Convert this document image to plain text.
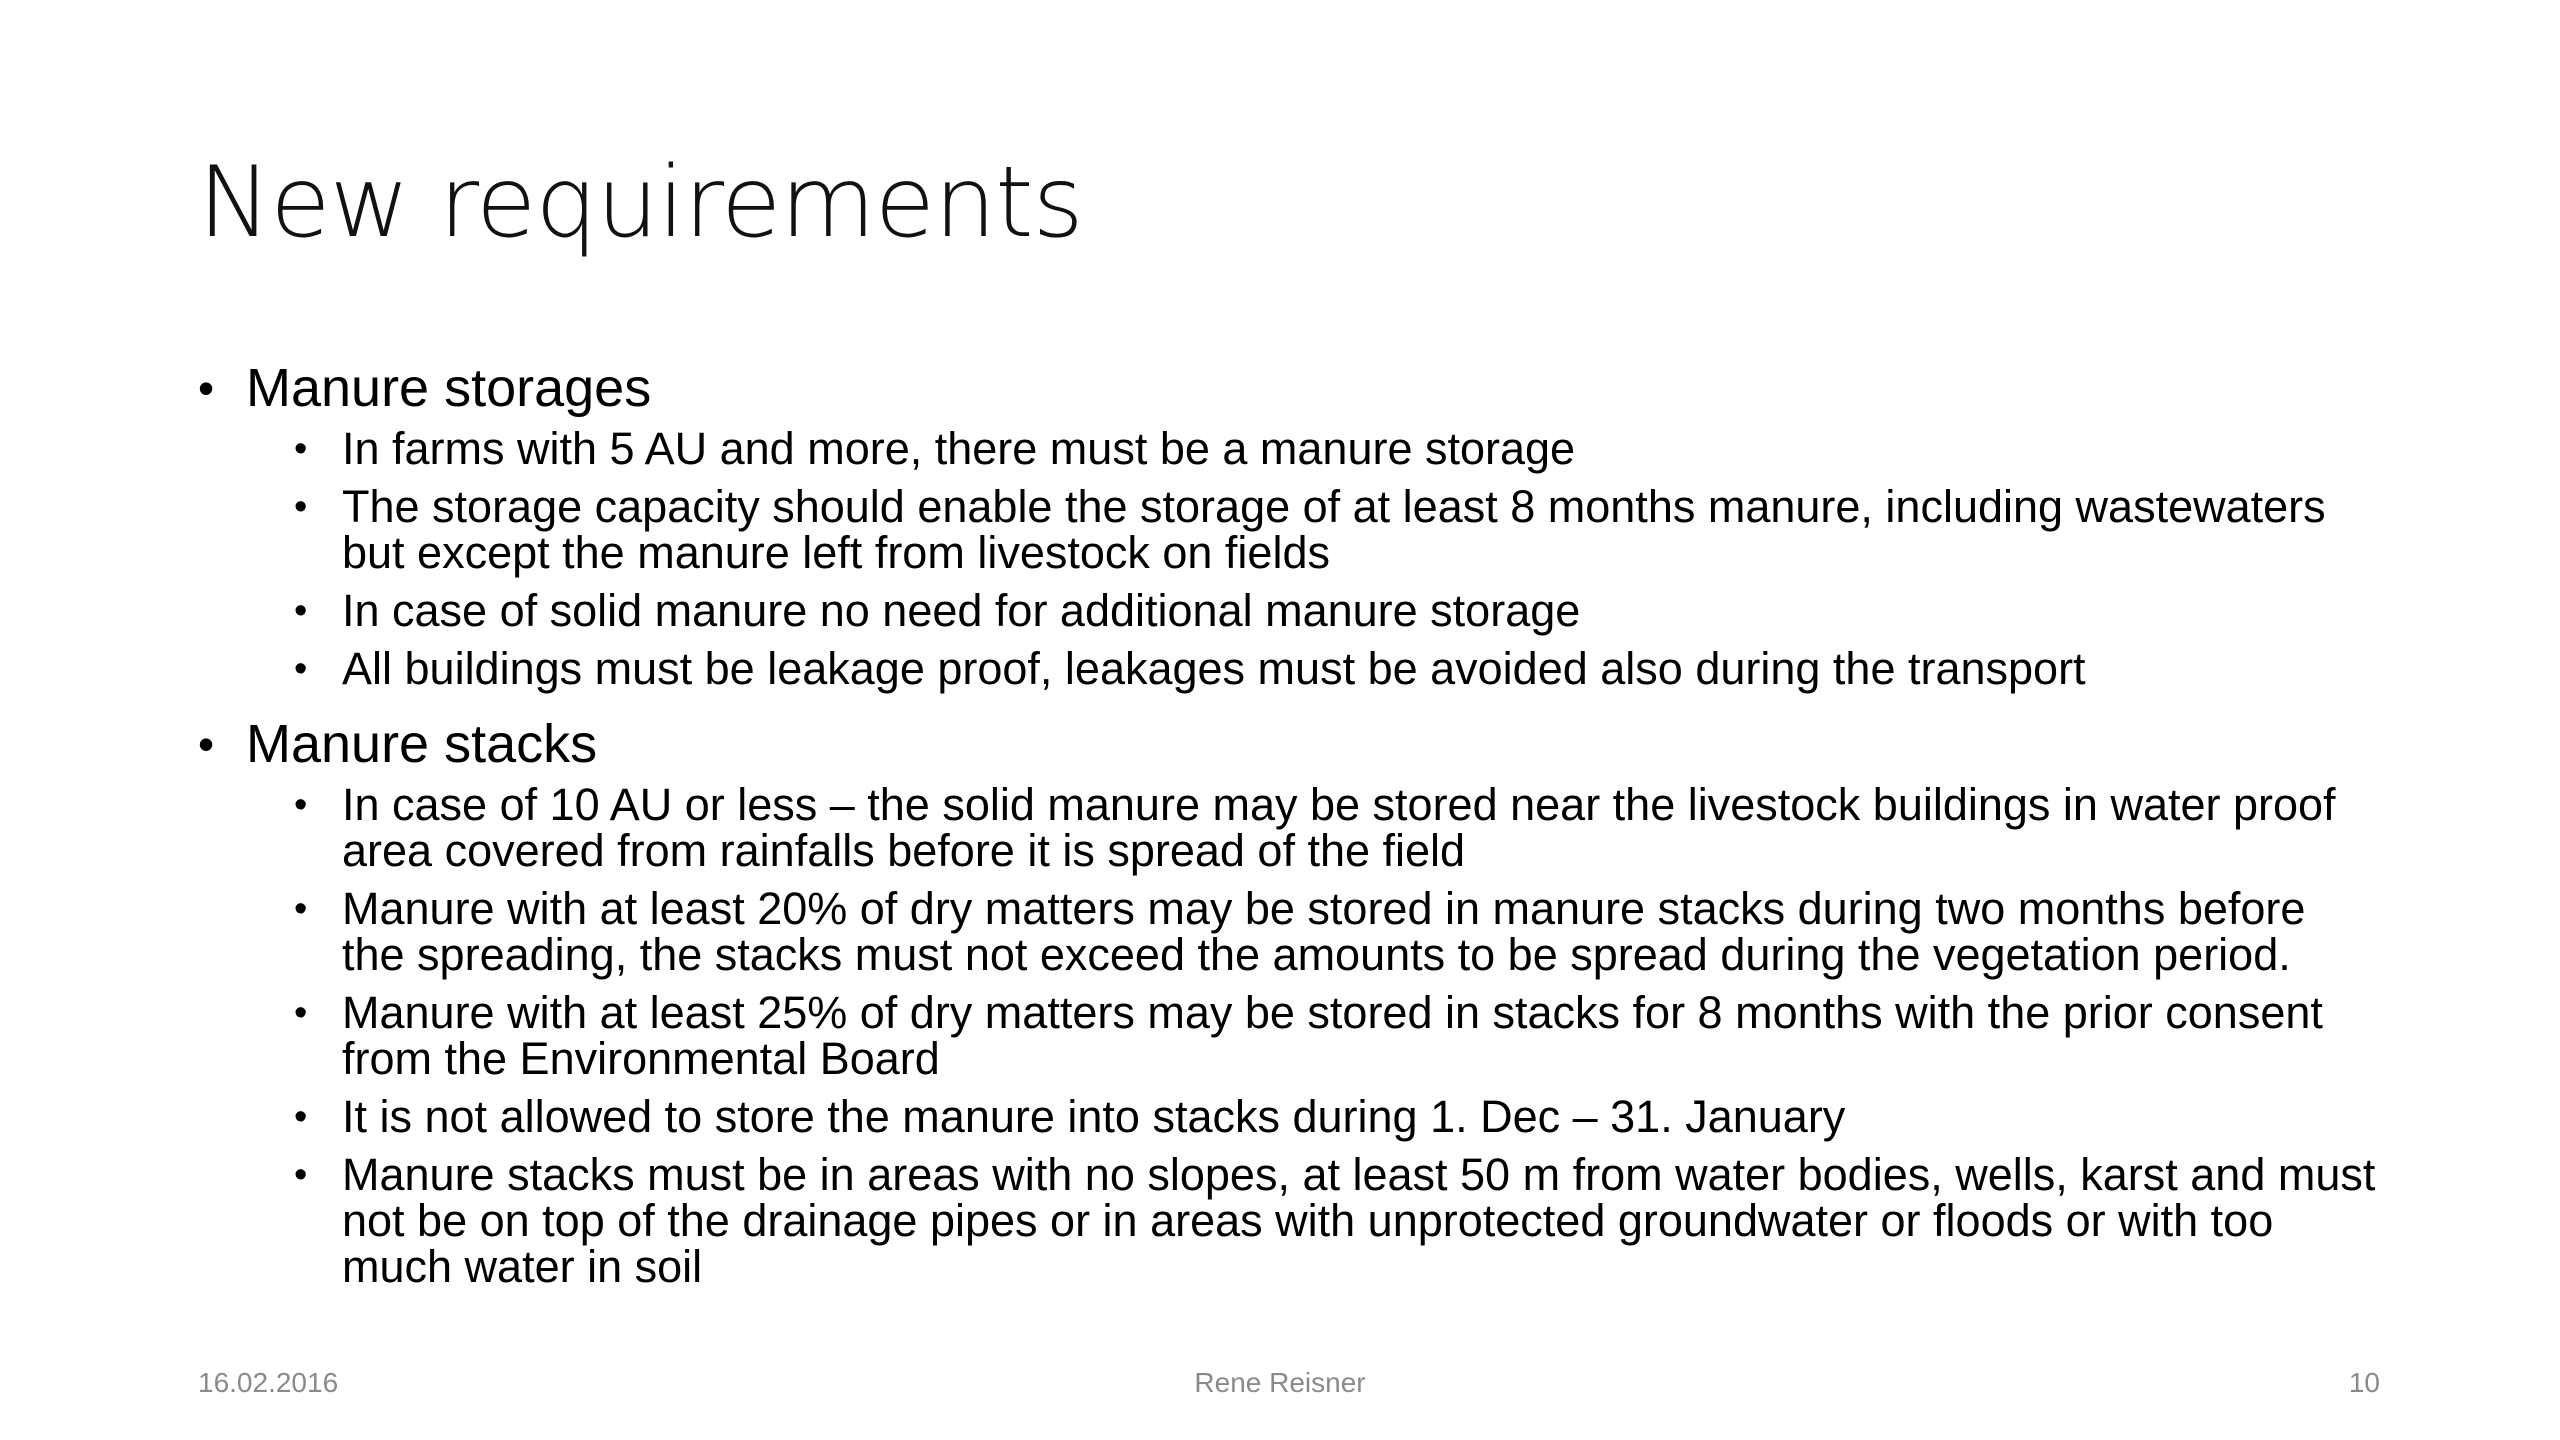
New requirements
• Manure storages
• In farms with 5 AU and more, there must be a manure storage
• The storage capacity should enable the storage of at least 8 months manure, including wastewaters but except the manure left from livestock on fields
• In case of solid manure no need for additional manure storage
• All buildings must be leakage proof, leakages must be avoided also during the transport
• Manure stacks
• In case of 10 AU or less – the solid manure may be stored near the livestock buildings in water proof area covered from rainfalls before it is spread of the field
• Manure with at least 20% of dry matters may be stored in manure stacks during two months before the spreading, the stacks must not exceed the amounts to be spread during the vegetation period.
• Manure with at least 25% of dry matters may be stored in stacks for 8 months with the prior consent from the Environmental Board
• It is not allowed to store the manure into stacks during 1. Dec – 31. January
• Manure stacks must be in areas with no slopes, at least 50 m from water bodies, wells, karst and must not be on top of the drainage pipes or in areas with unprotected groundwater or floods or with too much water in soil
16.02.2016	Rene Reisner	10
